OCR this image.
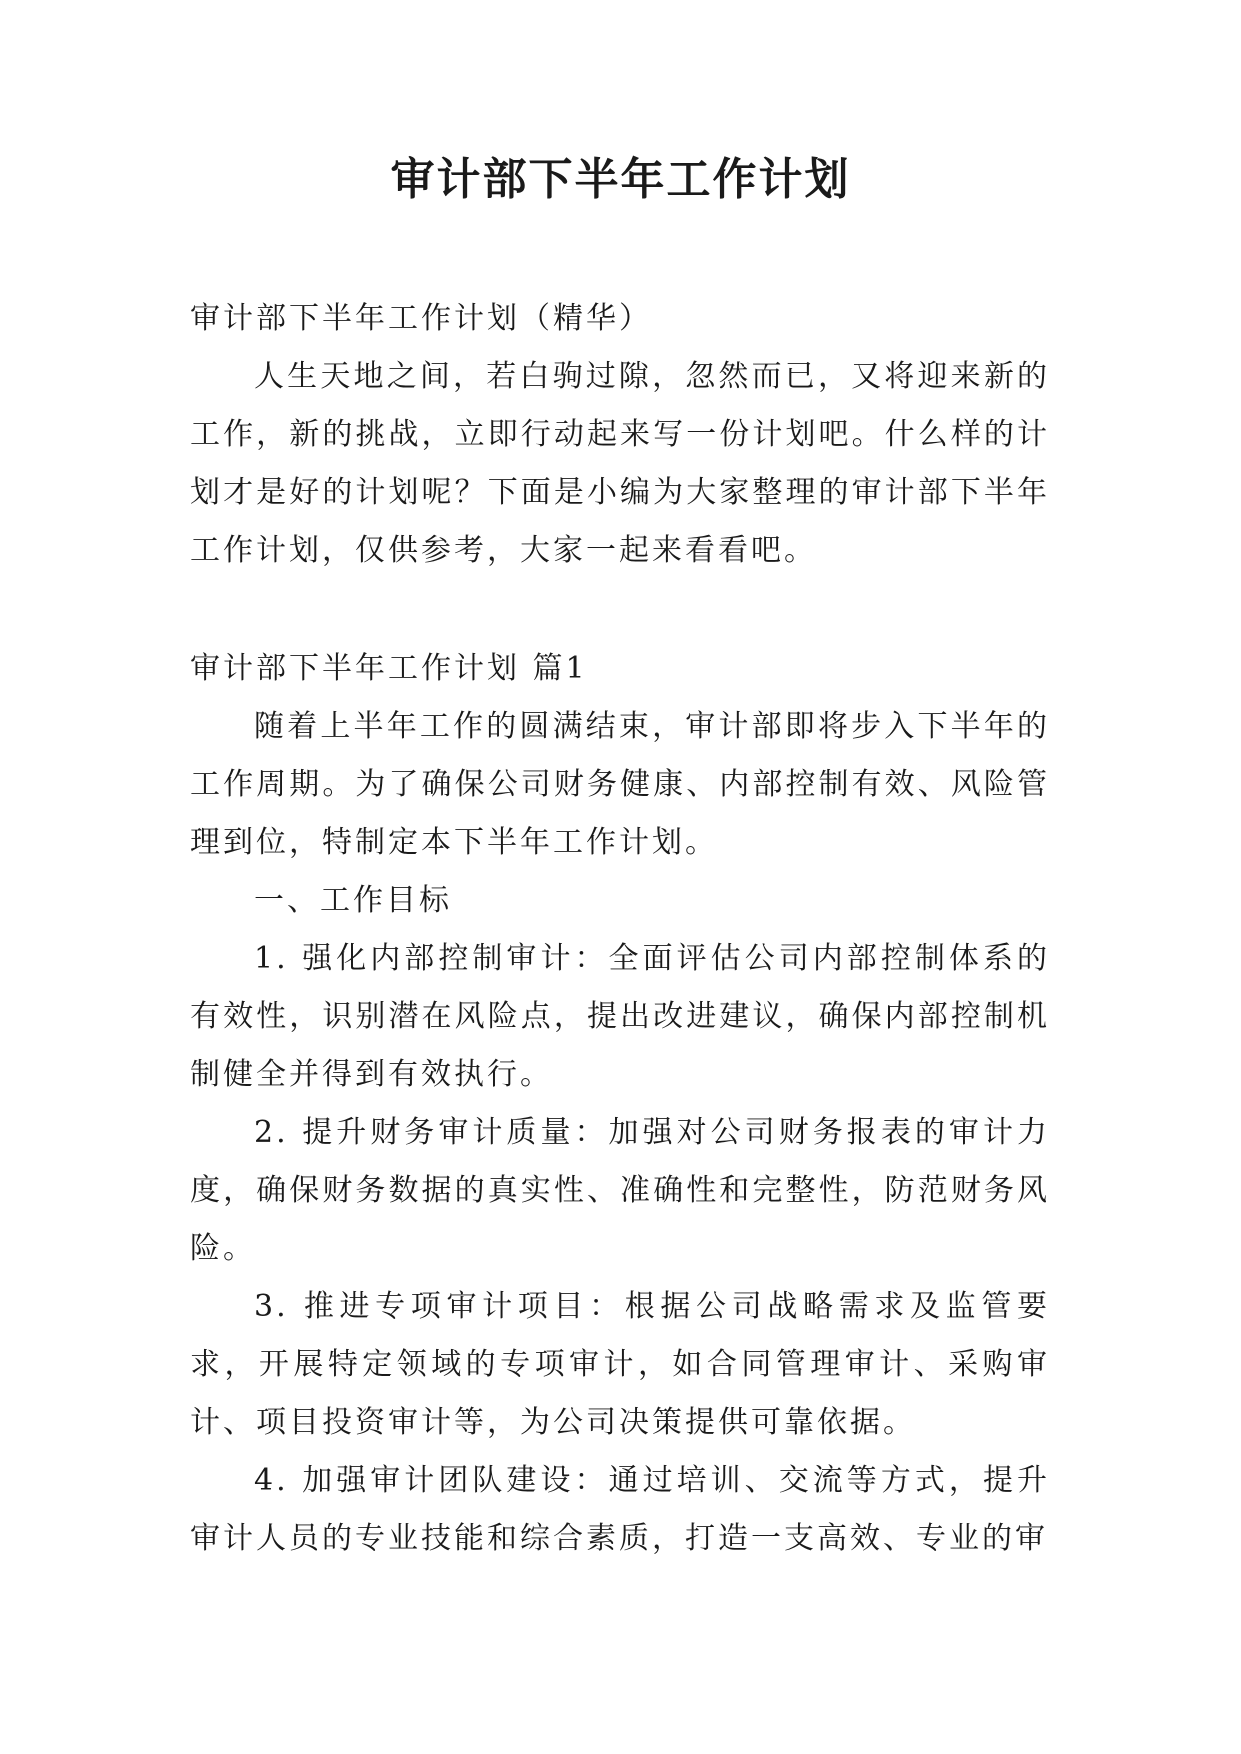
审计部下半年工作计划

审计部下半年工作计划（精华）

人生天地之间，若白驹过隙，忽然而已，又将迎来新的工作，新的挑战，立即行动起来写一份计划吧。什么样的计划才是好的计划呢？下面是小编为大家整理的审计部下半年工作计划，仅供参考，大家一起来看看吧。

审计部下半年工作计划 篇1

随着上半年工作的圆满结束，审计部即将步入下半年的工作周期。为了确保公司财务健康、内部控制有效、风险管理到位，特制定本下半年工作计划。

一、工作目标

1. 强化内部控制审计：全面评估公司内部控制体系的有效性，识别潜在风险点，提出改进建议，确保内部控制机制健全并得到有效执行。

2. 提升财务审计质量：加强对公司财务报表的审计力度，确保财务数据的真实性、准确性和完整性，防范财务风险。

3. 推进专项审计项目：根据公司战略需求及监管要求，开展特定领域的专项审计，如合同管理审计、采购审计、项目投资审计等，为公司决策提供可靠依据。

4. 加强审计团队建设：通过培训、交流等方式，提升审计人员的专业技能和综合素质，打造一支高效、专业的审
